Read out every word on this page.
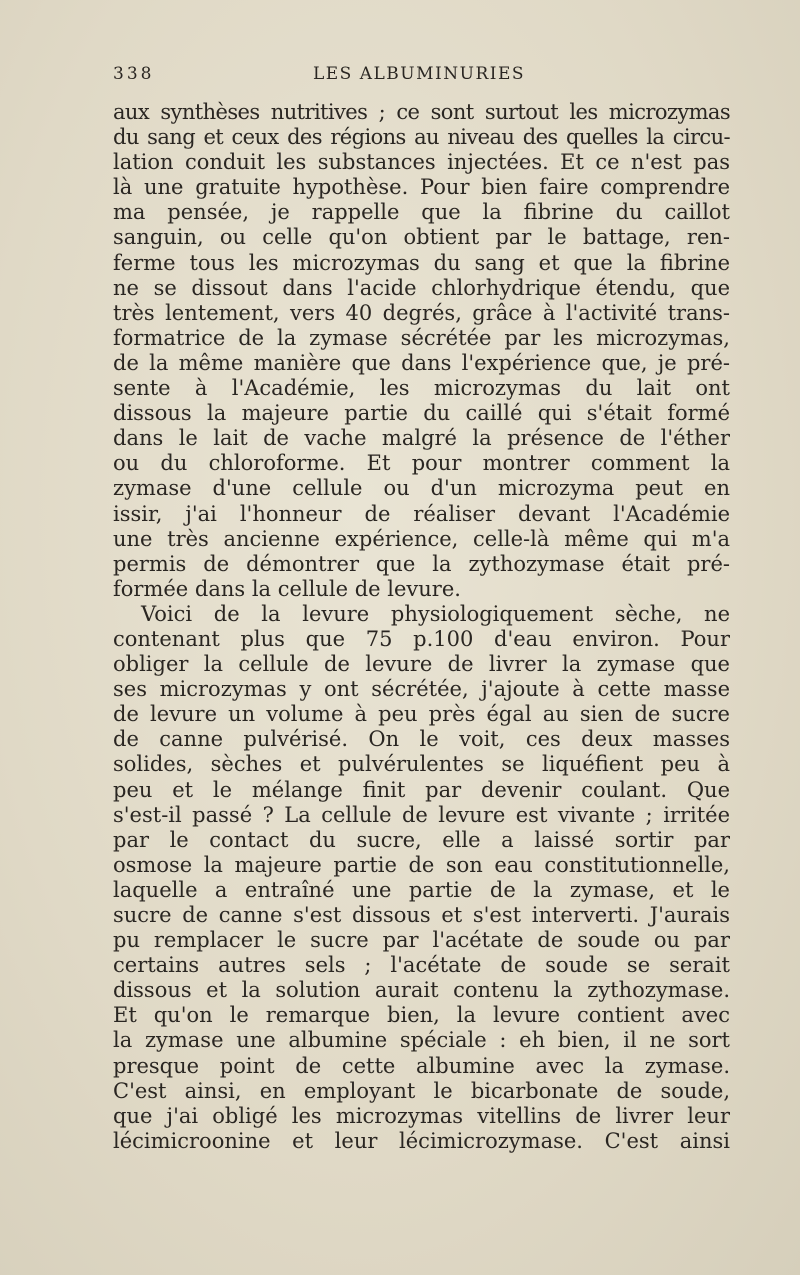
338	LES ALBUMINURIES
aux synthèses nutritives ; ce sont surtout les microzymas
du sang et ceux des régions au niveau des quelles la circu-
lation conduit les substances injectées. Et ce n'est pas
là une gratuite hypothèse. Pour bien faire comprendre
ma pensée, je rappelle que la fibrine du caillot
sanguin, ou celle qu'on obtient par le battage, ren-
ferme tous les microzymas du sang et que la fibrine
ne se dissout dans l'acide chlorhydrique étendu, que
très lentement, vers 40 degrés, grâce à l'activité trans-
formatrice de la zymase sécrétée par les microzymas,
de la même manière que dans l'expérience que, je pré-
sente à l'Académie, les microzymas du lait ont
dissous la majeure partie du caillé qui s'était formé
dans le lait de vache malgré la présence de l'éther
ou du chloroforme. Et pour montrer comment la
zymase d'une cellule ou d'un microzyma peut en
issir, j'ai l'honneur de réaliser devant l'Académie
une très ancienne expérience, celle-là même qui m'a
permis de démontrer que la zythozymase était pré-
formée dans la cellule de levure.
Voici de la levure physiologiquement sèche, ne
contenant plus que 75 p.100 d'eau environ. Pour
obliger la cellule de levure de livrer la zymase que
ses microzymas y ont sécrétée, j'ajoute à cette masse
de levure un volume à peu près égal au sien de sucre
de canne pulvérisé. On le voit, ces deux masses
solides, sèches et pulvérulentes se liquéfient peu à
peu et le mélange finit par devenir coulant. Que
s'est-il passé ? La cellule de levure est vivante ; irritée
par le contact du sucre, elle a laissé sortir par
osmose la majeure partie de son eau constitutionnelle,
laquelle a entraîné une partie de la zymase, et le
sucre de canne s'est dissous et s'est interverti. J'aurais
pu remplacer le sucre par l'acétate de soude ou par
certains autres sels ; l'acétate de soude se serait
dissous et la solution aurait contenu la zythozymase.
Et qu'on le remarque bien, la levure contient avec
la zymase une albumine spéciale : eh bien, il ne sort
presque point de cette albumine avec la zymase.
C'est ainsi, en employant le bicarbonate de soude,
que j'ai obligé les microzymas vitellins de livrer leur
lécimicroonine et leur lécimicrozymase. C'est ainsi
